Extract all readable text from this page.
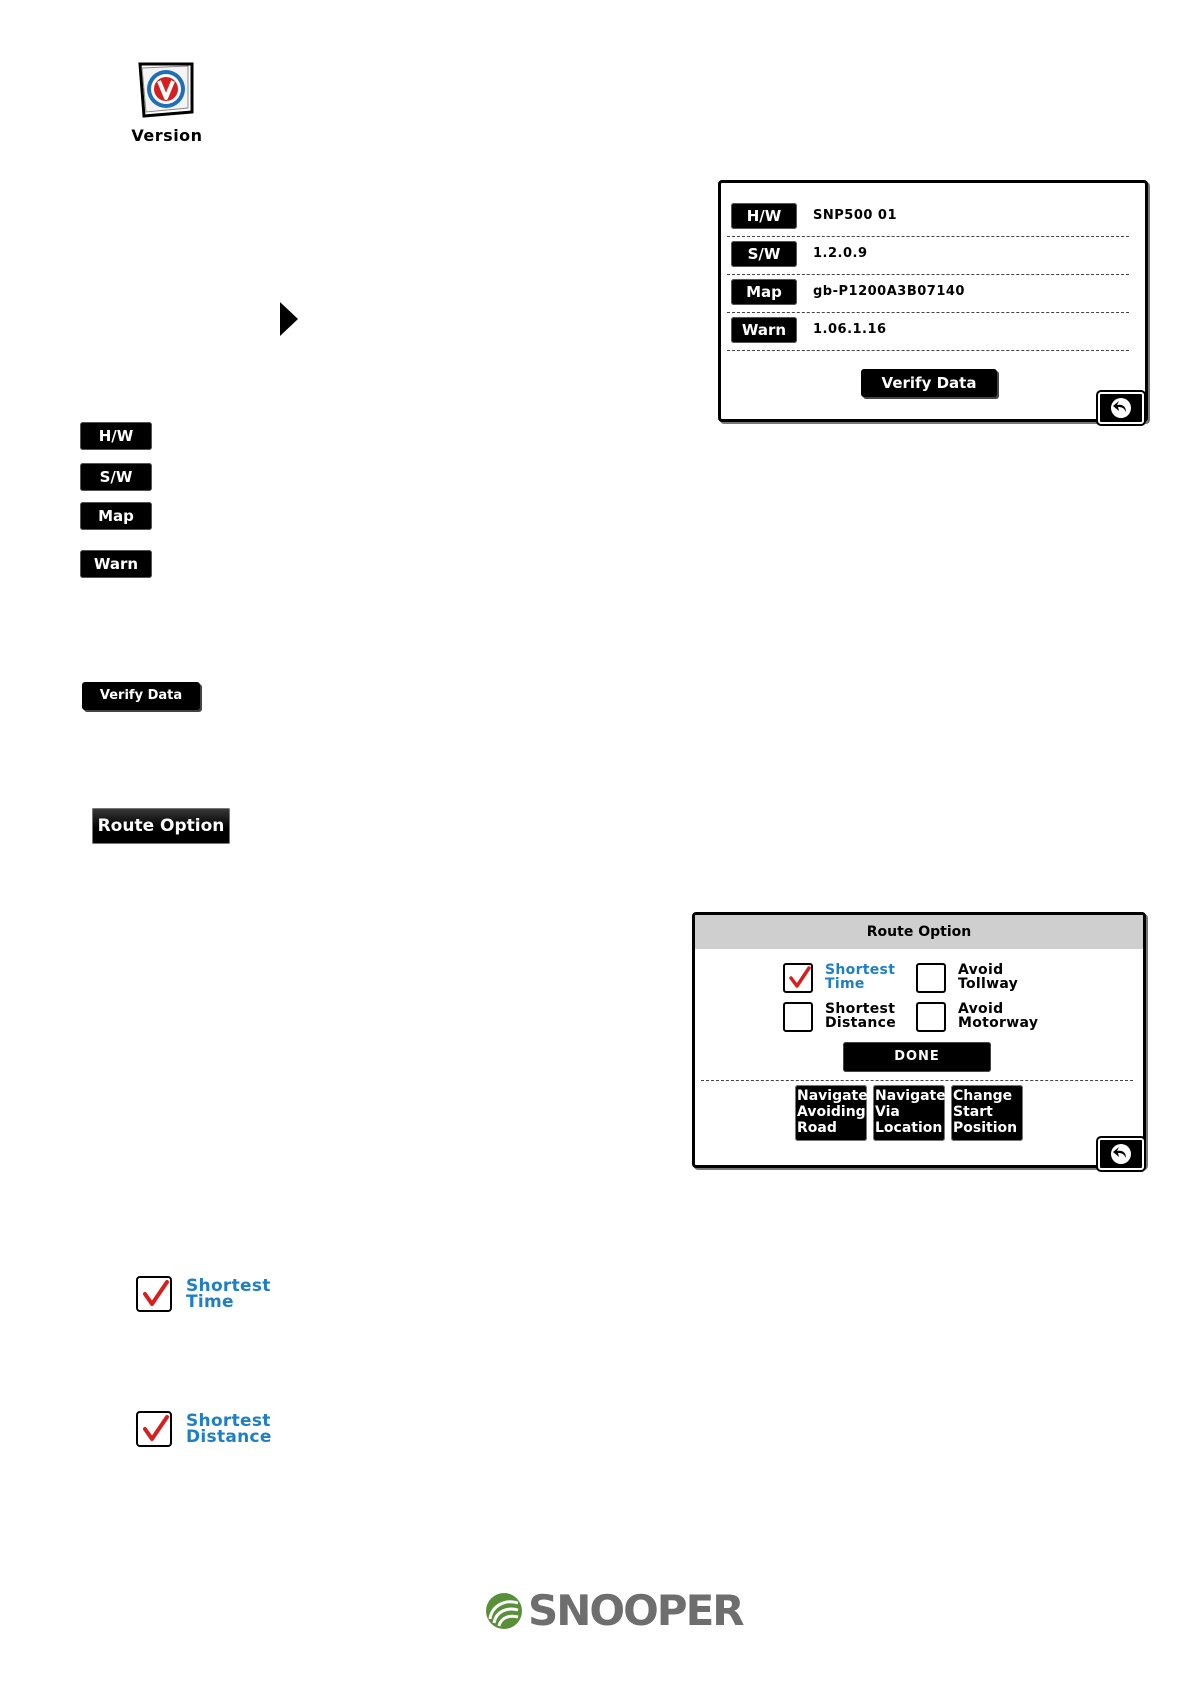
Version
H/W
S/W
Map
Warn
Verify Data
Route Option
H/W	SNP500 01
S/W	1.2.0.9
Map	gb-P1200A3B07140
Warn	1.06.1.16
Verify Data
Route Option
Shortest
Time
Avoid
Tollway
Shortest
Distance
Avoid
Motorway
DONE
Navigate
Avoiding
Road
Navigate
Via
Location
Change
Start
Position
Shortest
Time
Shortest
Distance
SNOOPER
